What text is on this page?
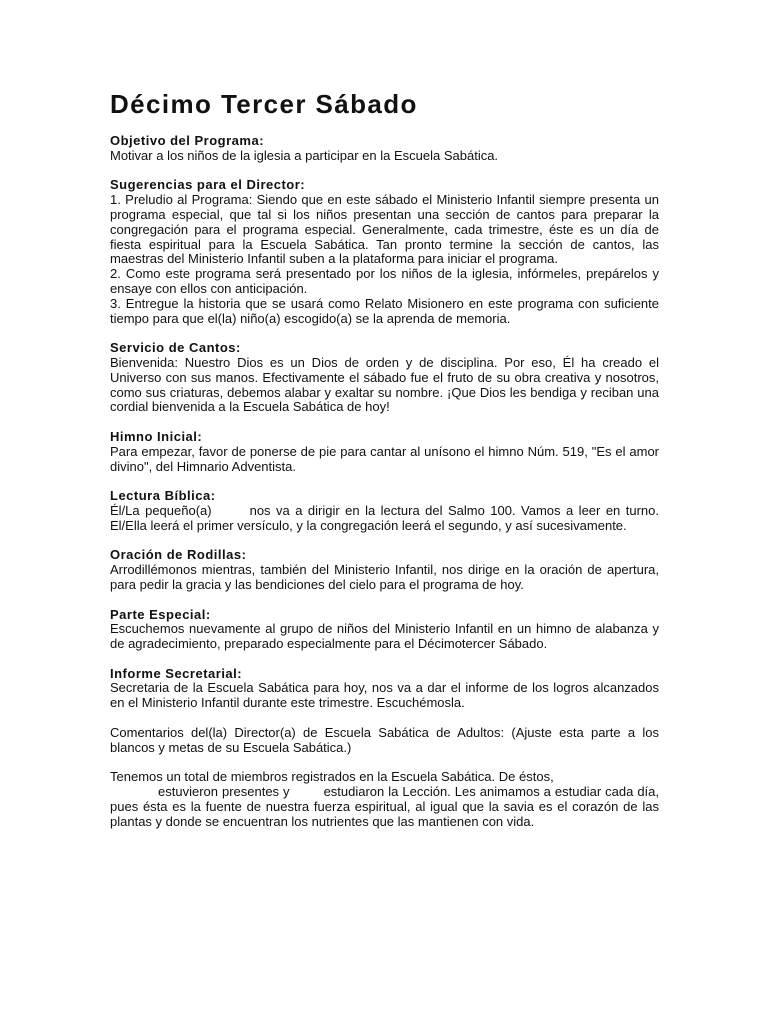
Décimo Tercer Sábado
Objetivo del Programa:
Motivar a los niños de la iglesia a participar en la Escuela Sabática.
Sugerencias para el Director:
1. Preludio al Programa: Siendo que en este sábado el Ministerio Infantil siempre presenta un programa especial, que tal si los niños presentan una sección de cantos para preparar la congregación para el programa especial. Generalmente, cada trimestre, éste es un día de fiesta espiritual para la Escuela Sabática. Tan pronto termine la sección de cantos, las maestras del Ministerio Infantil suben a la plataforma para iniciar el programa.
2. Como este programa será presentado por los niños de la iglesia, infórmeles, prepárelos y ensaye con ellos con anticipación.
3. Entregue la historia que se usará como Relato Misionero en este programa con suficiente tiempo para que el(la) niño(a) escogido(a) se la aprenda de memoria.
Servicio de Cantos:
Bienvenida: Nuestro Dios es un Dios de orden y de disciplina. Por eso, Él ha creado el Universo con sus manos. Efectivamente el sábado fue el fruto de su obra creativa y nosotros, como sus criaturas, debemos alabar y exaltar su nombre. ¡Que Dios les bendiga y reciban una cordial bienvenida a la Escuela Sabática de hoy!
Himno Inicial:
Para empezar, favor de ponerse de pie para cantar al unísono el himno Núm. 519, "Es el amor divino", del Himnario Adventista.
Lectura Bíblica:
Él/La pequeño(a)	nos va a dirigir en la lectura del Salmo 100. Vamos a leer en turno. El/Ella leerá el primer versículo, y la congregación leerá el segundo, y así sucesivamente.
Oración de Rodillas:
Arrodillémonos mientras, también del Ministerio Infantil, nos dirige en la oración de apertura, para pedir la gracia y las bendiciones del cielo para el programa de hoy.
Parte Especial:
Escuchemos nuevamente al grupo de niños del Ministerio Infantil en un himno de alabanza y de agradecimiento, preparado especialmente para el Décimotercer Sábado.
Informe Secretarial:
Secretaria de la Escuela Sabática para hoy, nos va a dar el informe de los logros alcanzados en el Ministerio Infantil durante este trimestre. Escuchémosla.
Comentarios del(la) Director(a) de Escuela Sabática de Adultos: (Ajuste esta parte a los blancos y metas de su Escuela Sabática.)
Tenemos un total de miembros registrados en la Escuela Sabática. De éstos,
estuvieron presentes y	estudiaron la Lección. Les animamos a estudiar cada día, pues ésta es la fuente de nuestra fuerza espiritual, al igual que la savia es el corazón de las plantas y donde se encuentran los nutrientes que las mantienen con vida.
